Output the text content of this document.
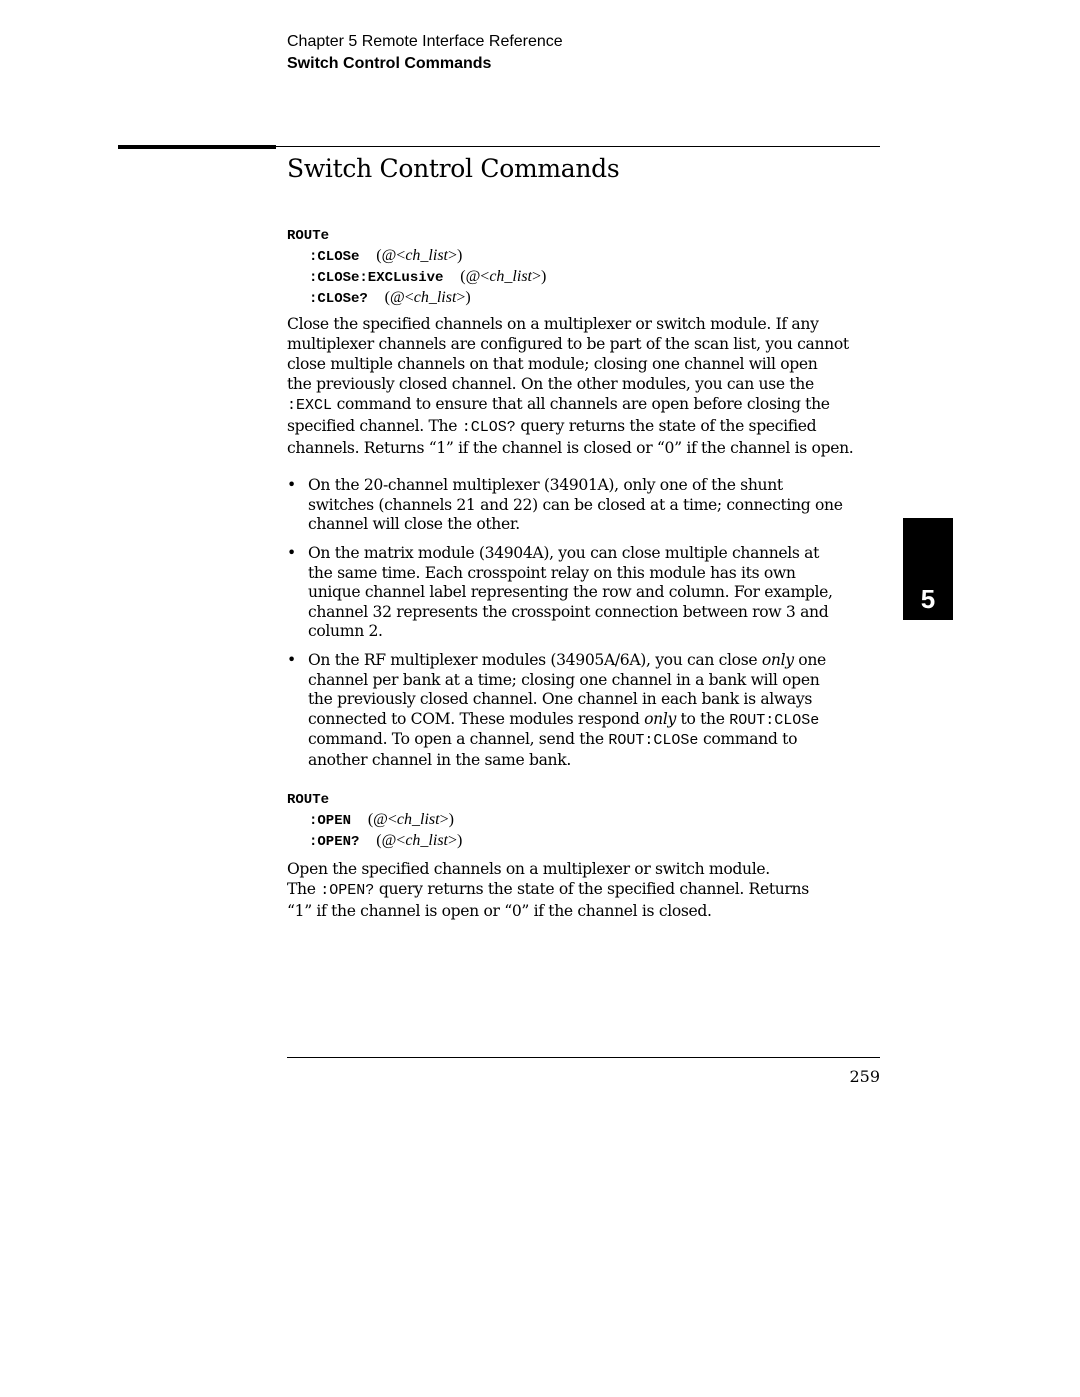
Chapter 5 Remote Interface Reference
Switch Control Commands
Switch Control Commands
ROUTe
:CLOSe (@<ch_list>)
:CLOSe:EXCLusive (@<ch_list>)
:CLOSe? (@<ch_list>)
Close the specified channels on a multiplexer or switch module. If any
multiplexer channels are configured to be part of the scan list, you cannot
close multiple channels on that module; closing one channel will open
the previously closed channel. On the other modules, you can use the
:EXCL command to ensure that all channels are open before closing the
specified channel. The :CLOS? query returns the state of the specified
channels. Returns “1” if the channel is closed or “0” if the channel is open.
• On the 20-channel multiplexer (34901A), only one of the shunt
switches (channels 21 and 22) can be closed at a time; connecting one
channel will close the other.
• On the matrix module (34904A), you can close multiple channels at
the same time. Each crosspoint relay on this module has its own
unique channel label representing the row and column. For example,
channel 32 represents the crosspoint connection between row 3 and
column 2.
• On the RF multiplexer modules (34905A/6A), you can close only one
channel per bank at a time; closing one channel in a bank will open
the previously closed channel. One channel in each bank is always
connected to COM. These modules respond only to the ROUT:CLOSe
command. To open a channel, send the ROUT:CLOSe command to
another channel in the same bank.
ROUTe
:OPEN (@<ch_list>)
:OPEN? (@<ch_list>)
Open the specified channels on a multiplexer or switch module.
The :OPEN? query returns the state of the specified channel. Returns
“1” if the channel is open or “0” if the channel is closed.
5
259
